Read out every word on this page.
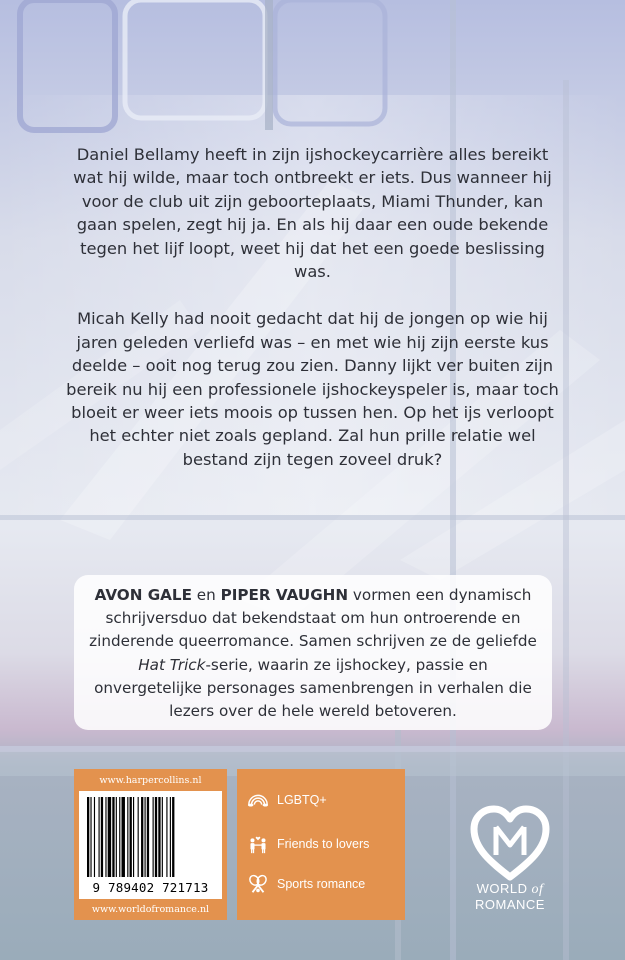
Daniel Bellamy heeft in zijn ijshockeycarrière alles bereikt wat hij wilde, maar toch ontbreekt er iets. Dus wanneer hij voor de club uit zijn geboorteplaats, Miami Thunder, kan gaan spelen, zegt hij ja. En als hij daar een oude bekende tegen het lijf loopt, weet hij dat het een goede beslissing was.

Micah Kelly had nooit gedacht dat hij de jongen op wie hij jaren geleden verliefd was – en met wie hij zijn eerste kus deelde – ooit nog terug zou zien. Danny lijkt ver buiten zijn bereik nu hij een professionele ijshockeyspeler is, maar toch bloeit er weer iets moois op tussen hen. Op het ijs verloopt het echter niet zoals gepland. Zal hun prille relatie wel bestand zijn tegen zoveel druk?

AVON GALE en PIPER VAUGHN vormen een dynamisch schrijversduo dat bekendstaat om hun ontroerende en zinderende queerromance. Samen schrijven ze de geliefde Hat Trick-serie, waarin ze ijshockey, passie en onvergetelijke personages samenbrengen in verhalen die lezers over de hele wereld betoveren.

www.harpercollins.nl
9 789402 721713
www.worldofromance.nl
LGBTQ+
Friends to lovers
Sports romance	WORLD of
ROMANCE
